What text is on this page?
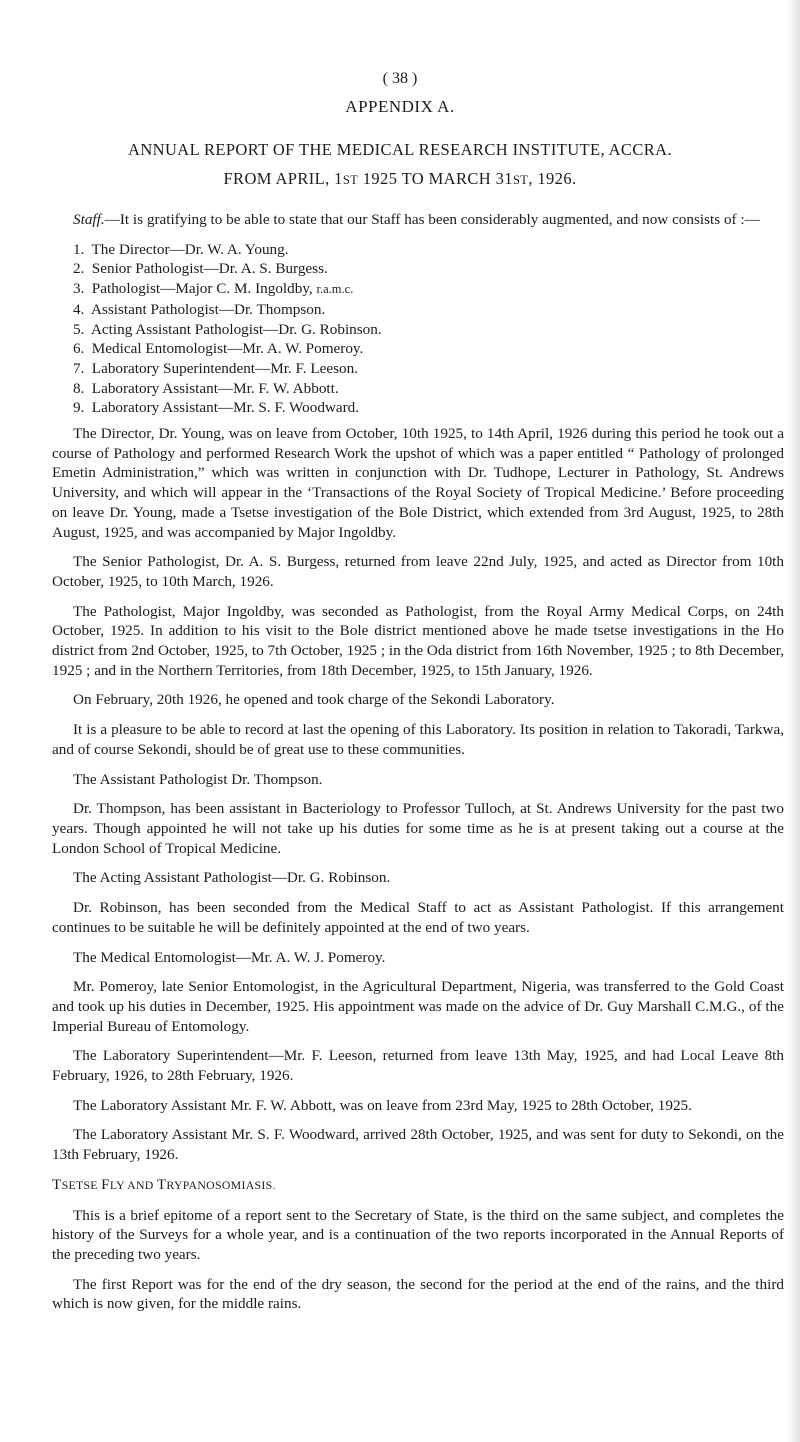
( 38 )
APPENDIX A.
ANNUAL REPORT OF THE MEDICAL RESEARCH INSTITUTE, ACCRA.
FROM APRIL, 1ST 1925 TO MARCH 31ST, 1926.

Staff.—It is gratifying to be able to state that our Staff has been considerably augmented, and now consists of :—

1. The Director—Dr. W. A. Young.
2. Senior Pathologist—Dr. A. S. Burgess.
3. Pathologist—Major C. M. Ingoldby, r.a.m.c.
4. Assistant Pathologist—Dr. Thompson.
5. Acting Assistant Pathologist—Dr. G. Robinson.
6. Medical Entomologist—Mr. A. W. Pomeroy.
7. Laboratory Superintendent—Mr. F. Leeson.
8. Laboratory Assistant—Mr. F. W. Abbott.
9. Laboratory Assistant—Mr. S. F. Woodward.

The Director, Dr. Young, was on leave from October, 10th 1925, to 14th April, 1926 during this period he took out a course of Pathology and performed Research Work the upshot of which was a paper entitled “ Pathology of prolonged Emetin Administration,” which was written in conjunction with Dr. Tudhope, Lecturer in Pathology, St. Andrews University, and which will appear in the ‘Transactions of the Royal Society of Tropical Medicine.’ Before proceeding on leave Dr. Young, made a Tsetse investigation of the Bole District, which extended from 3rd August, 1925, to 28th August, 1925, and was accompanied by Major Ingoldby.

The Senior Pathologist, Dr. A. S. Burgess, returned from leave 22nd July, 1925, and acted as Director from 10th October, 1925, to 10th March, 1926.

The Pathologist, Major Ingoldby, was seconded as Pathologist, from the Royal Army Medical Corps, on 24th October, 1925. In addition to his visit to the Bole district mentioned above he made tsetse investigations in the Ho district from 2nd October, 1925, to 7th October, 1925 ; in the Oda district from 16th November, 1925 ; to 8th December, 1925 ; and in the Northern Territories, from 18th December, 1925, to 15th January, 1926.

On February, 20th 1926, he opened and took charge of the Sekondi Laboratory.

It is a pleasure to be able to record at last the opening of this Laboratory. Its position in relation to Takoradi, Tarkwa, and of course Sekondi, should be of great use to these communities.

The Assistant Pathologist Dr. Thompson.

Dr. Thompson, has been assistant in Bacteriology to Professor Tulloch, at St. Andrews University for the past two years. Though appointed he will not take up his duties for some time as he is at present taking out a course at the London School of Tropical Medicine.

The Acting Assistant Pathologist—Dr. G. Robinson.

Dr. Robinson, has been seconded from the Medical Staff to act as Assistant Pathologist. If this arrangement continues to be suitable he will be definitely appointed at the end of two years.

The Medical Entomologist—Mr. A. W. J. Pomeroy.

Mr. Pomeroy, late Senior Entomologist, in the Agricultural Department, Nigeria, was transferred to the Gold Coast and took up his duties in December, 1925. His appointment was made on the advice of Dr. Guy Marshall C.M.G., of the Imperial Bureau of Entomology.

The Laboratory Superintendent—Mr. F. Leeson, returned from leave 13th May, 1925, and had Local Leave 8th February, 1926, to 28th February, 1926.

The Laboratory Assistant Mr. F. W. Abbott, was on leave from 23rd May, 1925 to 28th October, 1925.

The Laboratory Assistant Mr. S. F. Woodward, arrived 28th October, 1925, and was sent for duty to Sekondi, on the 13th February, 1926.

TSETSE FLY AND TRYPANOSOMIASIS.

This is a brief epitome of a report sent to the Secretary of State, is the third on the same subject, and completes the history of the Surveys for a whole year, and is a continuation of the two reports incorporated in the Annual Reports of the preceding two years.

The first Report was for the end of the dry season, the second for the period at the end of the rains, and the third which is now given, for the middle rains.
